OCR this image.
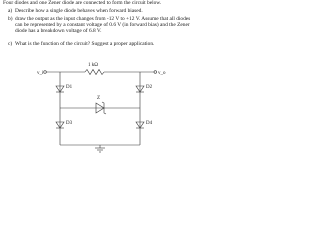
Four diodes and one Zener diode are connected to form the circuit below.
a) Describe how a single diode behaves when forward biased.
b) draw the output as the input changes from -12 V to +12 V. Assume that all diodes can be represented by a constant voltage of 0.6 V (in forward bias) and the Zener diode has a breakdown voltage of 6.8 V.
c) What is the function of the circuit? Suggest a proper application.
v_i
1 kΩ
v_o
D1	D2
Z
D3	D4
